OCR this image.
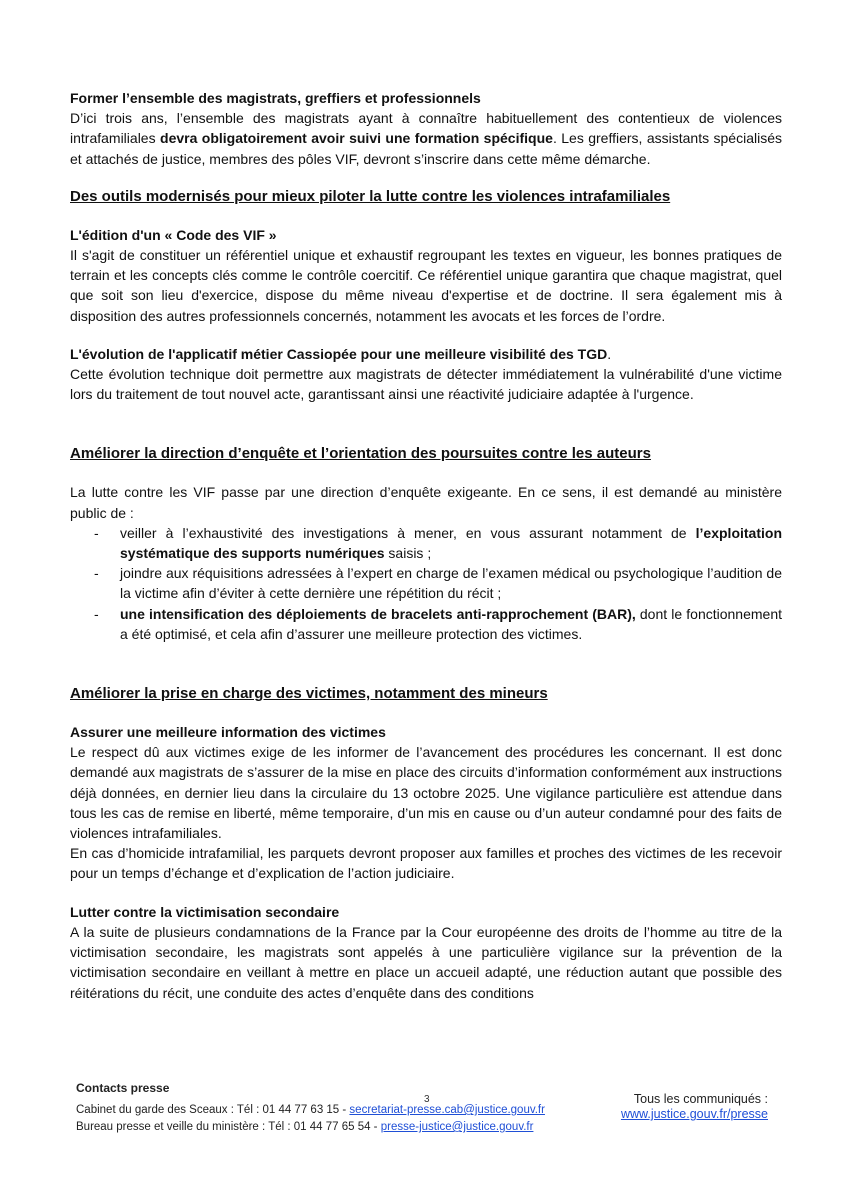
Former l’ensemble des magistrats, greffiers et professionnels

D’ici trois ans, l’ensemble des magistrats ayant à connaître habituellement des contentieux de violences intrafamiliales devra obligatoirement avoir suivi une formation spécifique. Les greffiers, assistants spécialisés et attachés de justice, membres des pôles VIF, devront s’inscrire dans cette même démarche.

Des outils modernisés pour mieux piloter la lutte contre les violences intrafamiliales

L'édition d'un « Code des VIF »

Il s'agit de constituer un référentiel unique et exhaustif regroupant les textes en vigueur, les bonnes pratiques de terrain et les concepts clés comme le contrôle coercitif. Ce référentiel unique garantira que chaque magistrat, quel que soit son lieu d'exercice, dispose du même niveau d'expertise et de doctrine. Il sera également mis à disposition des autres professionnels concernés, notamment les avocats et les forces de l’ordre.

L'évolution de l'applicatif métier Cassiopée pour une meilleure visibilité des TGD.

Cette évolution technique doit permettre aux magistrats de détecter immédiatement la vulnérabilité d'une victime lors du traitement de tout nouvel acte, garantissant ainsi une réactivité judiciaire adaptée à l'urgence.

Améliorer la direction d’enquête et l’orientation des poursuites contre les auteurs

La lutte contre les VIF passe par une direction d’enquête exigeante. En ce sens, il est demandé au ministère public de :

- veiller à l’exhaustivité des investigations à mener, en vous assurant notamment de l’exploitation systématique des supports numériques saisis ;
- joindre aux réquisitions adressées à l’expert en charge de l’examen médical ou psychologique l’audition de la victime afin d’éviter à cette dernière une répétition du récit ;
- une intensification des déploiements de bracelets anti-rapprochement (BAR), dont le fonctionnement a été optimisé, et cela afin d’assurer une meilleure protection des victimes.

Améliorer la prise en charge des victimes, notamment des mineurs

Assurer une meilleure information des victimes

Le respect dû aux victimes exige de les informer de l’avancement des procédures les concernant. Il est donc demandé aux magistrats de s’assurer de la mise en place des circuits d’information conformément aux instructions déjà données, en dernier lieu dans la circulaire du 13 octobre 2025. Une vigilance particulière est attendue dans tous les cas de remise en liberté, même temporaire, d’un mis en cause ou d’un auteur condamné pour des faits de violences intrafamiliales.

En cas d’homicide intrafamilial, les parquets devront proposer aux familles et proches des victimes de les recevoir pour un temps d’échange et d’explication de l’action judiciaire.

Lutter contre la victimisation secondaire

A la suite de plusieurs condamnations de la France par la Cour européenne des droits de l’homme au titre de la victimisation secondaire, les magistrats sont appelés à une particulière vigilance sur la prévention de la victimisation secondaire en veillant à mettre en place un accueil adapté, une réduction autant que possible des réitérations du récit, une conduite des actes d’enquête dans des conditions

Contacts presse
Cabinet du garde des Sceaux : Tél : 01 44 77 63 15 - secretariat-presse.cab@justice.gouv.fr
Bureau presse et veille du ministère : Tél : 01 44 77 65 54 - presse-justice@justice.gouv.fr
Tous les communiqués :
www.justice.gouv.fr/presse
3
